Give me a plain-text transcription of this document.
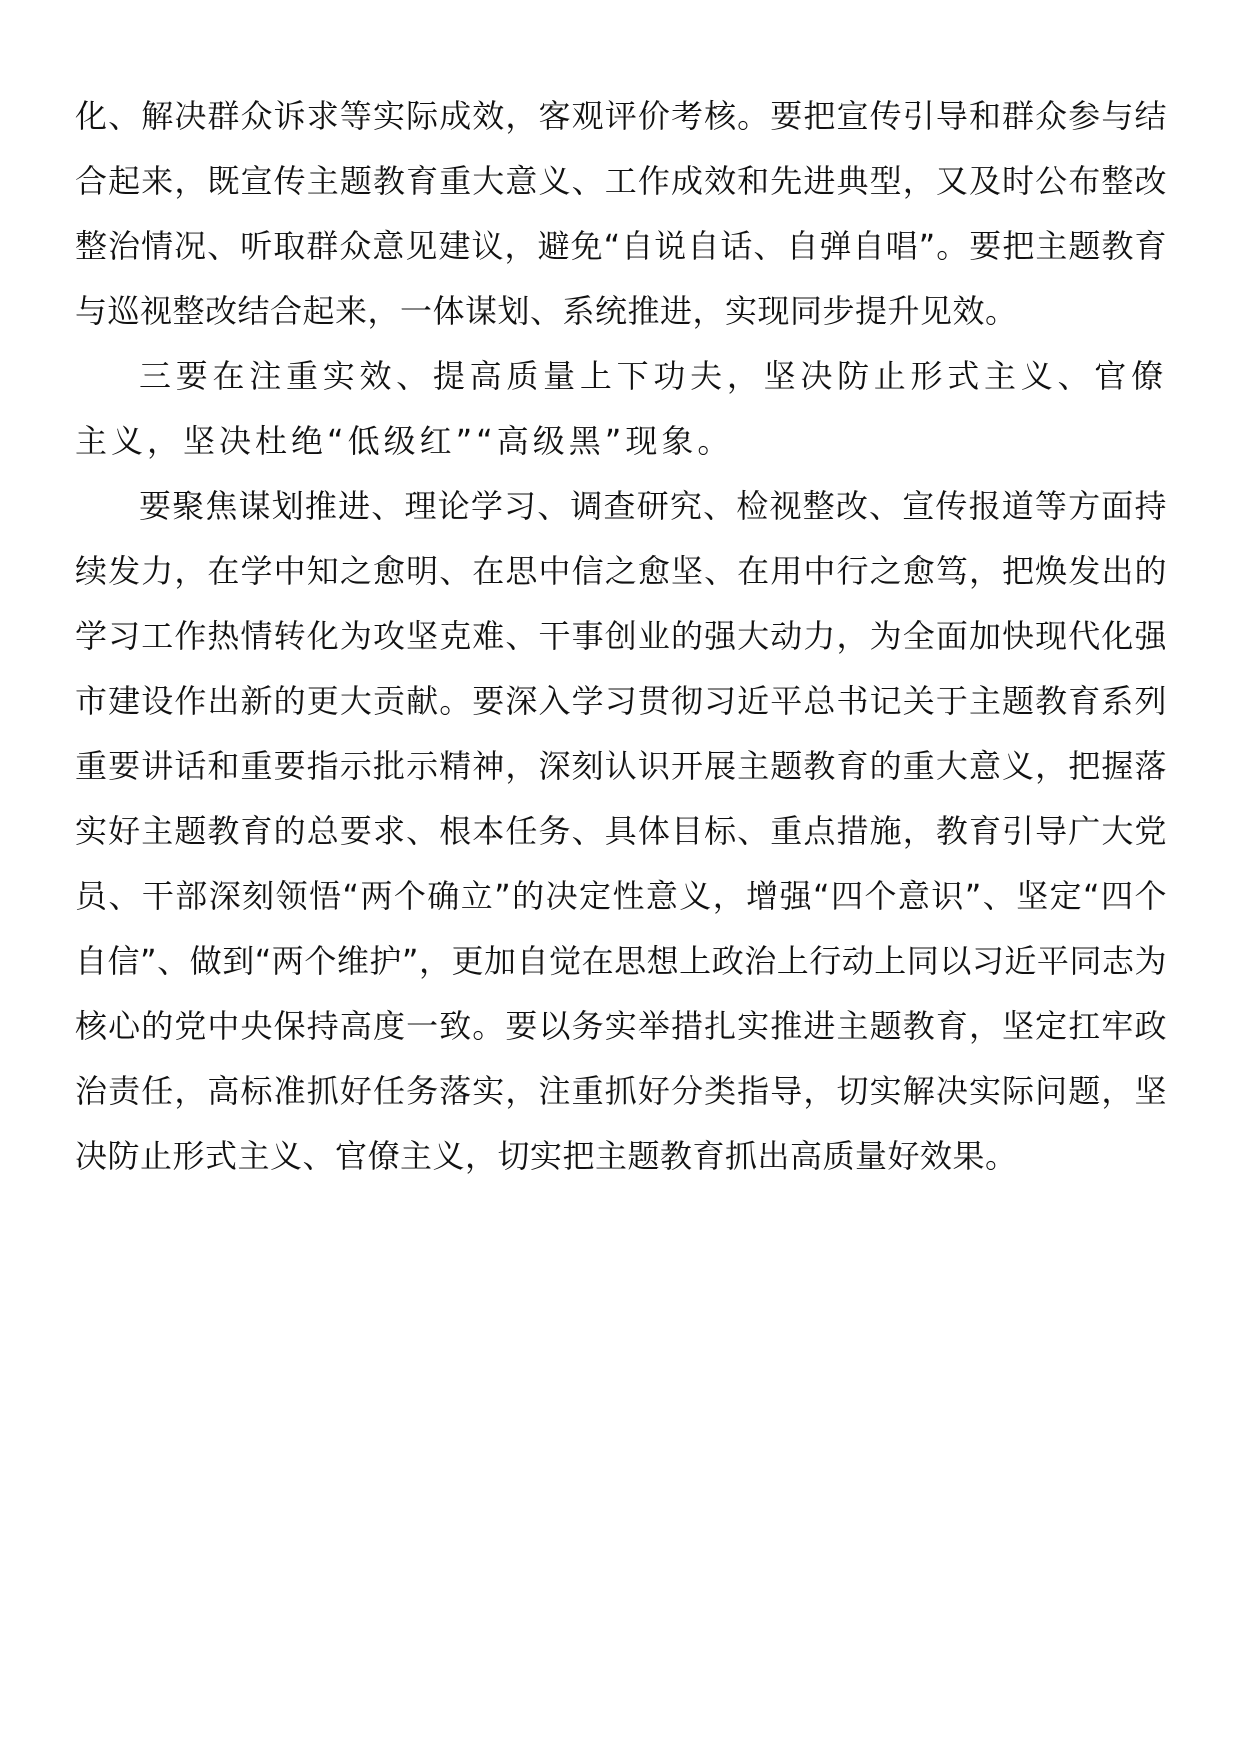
化、解决群众诉求等实际成效，客观评价考核。要把宣传引导和群众参与结合起来，既宣传主题教育重大意义、工作成效和先进典型，又及时公布整改整治情况、听取群众意见建议，避免“自说自话、自弹自唱”。要把主题教育与巡视整改结合起来，一体谋划、系统推进，实现同步提升见效。

三要在注重实效、提高质量上下功夫，坚决防止形式主义、官僚主义，坚决杜绝“低级红”“高级黑”现象。

要聚焦谋划推进、理论学习、调查研究、检视整改、宣传报道等方面持续发力，在学中知之愈明、在思中信之愈坚、在用中行之愈笃，把焕发出的学习工作热情转化为攻坚克难、干事创业的强大动力，为全面加快现代化强市建设作出新的更大贡献。要深入学习贯彻习近平总书记关于主题教育系列重要讲话和重要指示批示精神，深刻认识开展主题教育的重大意义，把握落实好主题教育的总要求、根本任务、具体目标、重点措施，教育引导广大党员、干部深刻领悟“两个确立”的决定性意义，增强“四个意识”、坚定“四个自信”、做到“两个维护”，更加自觉在思想上政治上行动上同以习近平同志为核心的党中央保持高度一致。要以务实举措扎实推进主题教育，坚定扛牢政治责任，高标准抓好任务落实，注重抓好分类指导，切实解决实际问题，坚决防止形式主义、官僚主义，切实把主题教育抓出高质量好效果。
